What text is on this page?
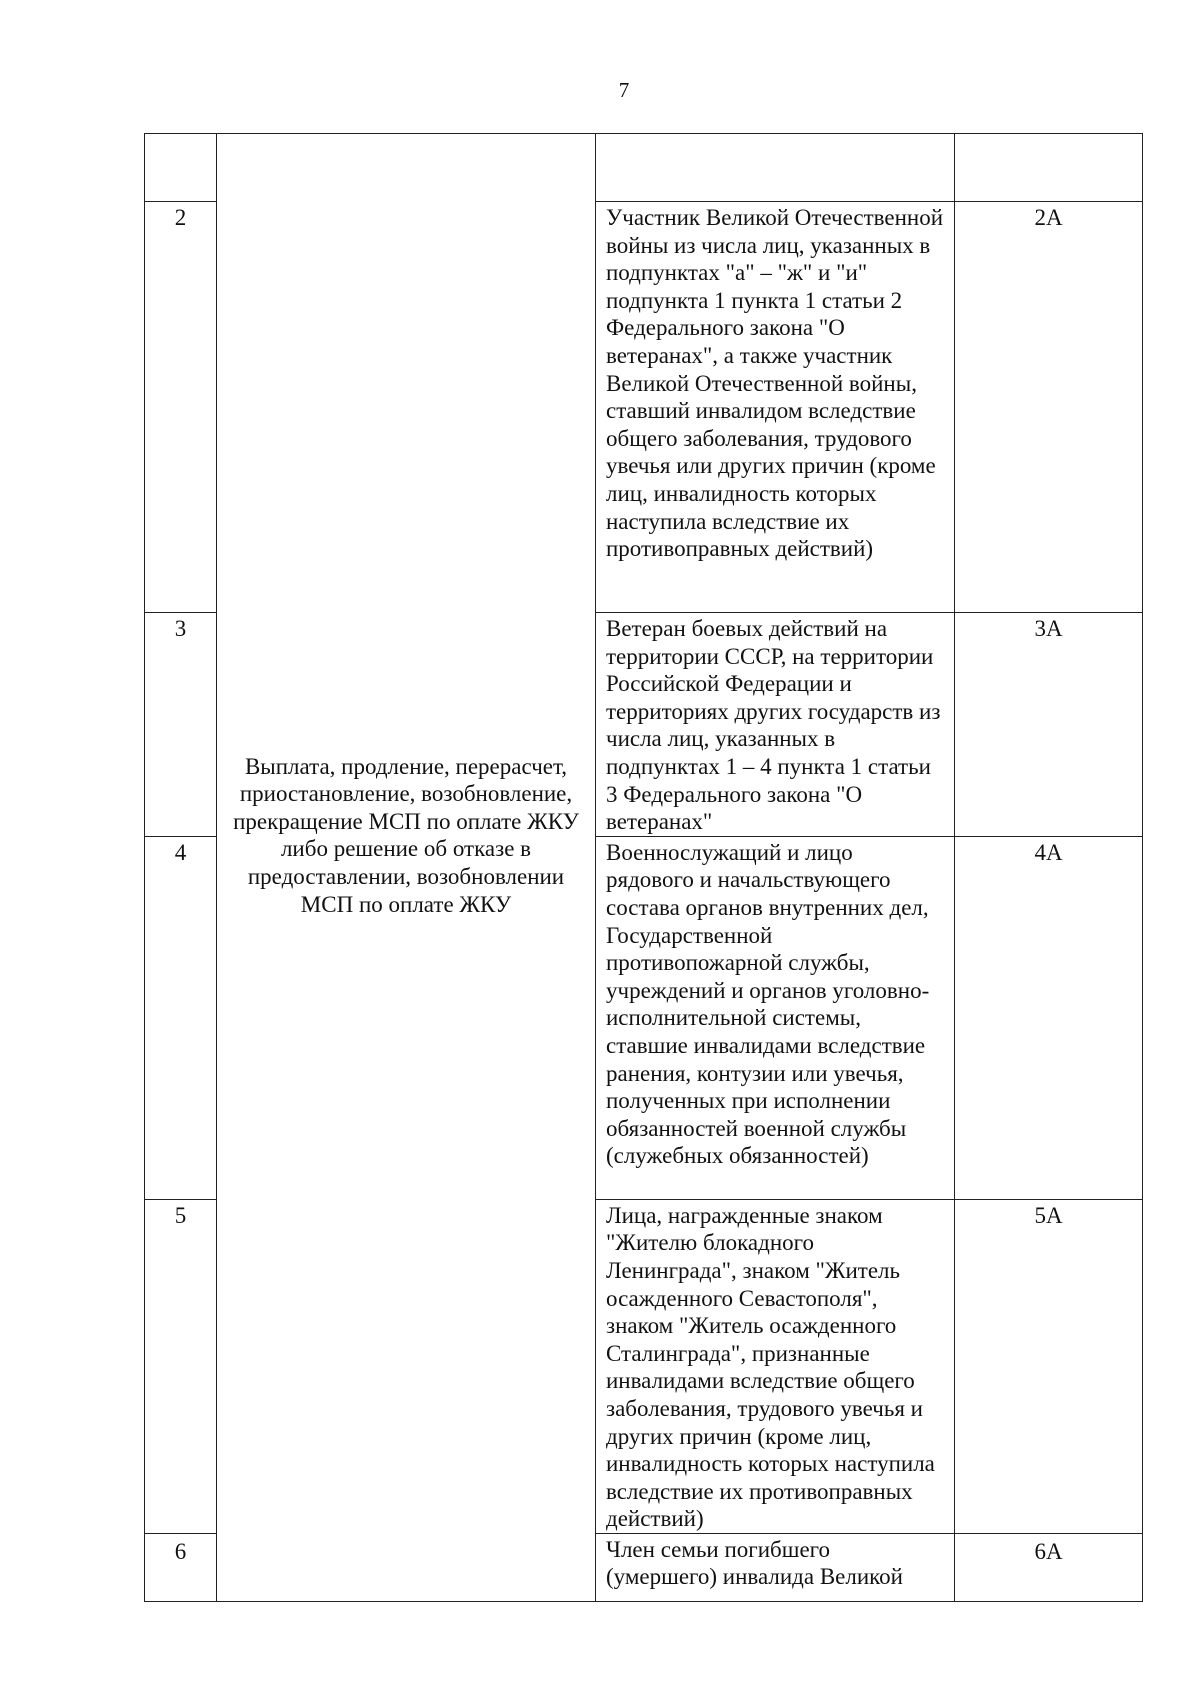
7

	Выплата, продление, перерасчет, приостановление, возобновление, прекращение МСП по оплате ЖКУ либо решение об отказе в предоставлении, возобновлении МСП по оплате ЖКУ		

2		Участник Великой Отечественной войны из числа лиц, указанных в подпунктах "а" – "ж" и "и" подпункта 1 пункта 1 статьи 2 Федерального закона "О ветеранах", а также участник Великой Отечественной войны, ставший инвалидом вследствие общего заболевания, трудового увечья или других причин (кроме лиц, инвалидность которых наступила вследствие их противоправных действий)	2А

3		Ветеран боевых действий на территории СССР, на территории Российской Федерации и территориях других государств из числа лиц, указанных в подпунктах 1 – 4 пункта 1 статьи 3 Федерального закона "О ветеранах"	3А

4		Военнослужащий и лицо рядового и начальствующего состава органов внутренних дел, Государственной противопожарной службы, учреждений и органов уголовно-исполнительной системы, ставшие инвалидами вследствие ранения, контузии или увечья, полученных при исполнении обязанностей военной службы (служебных обязанностей)	4А

5		Лица, награжденные знаком "Жителю блокадного Ленинграда", знаком "Житель осажденного Севастополя", знаком "Житель осажденного Сталинграда", признанные инвалидами вследствие общего заболевания, трудового увечья и других причин (кроме лиц, инвалидность которых наступила вследствие их противоправных действий)	5А

6		Член семьи погибшего (умершего) инвалида Великой	6А
